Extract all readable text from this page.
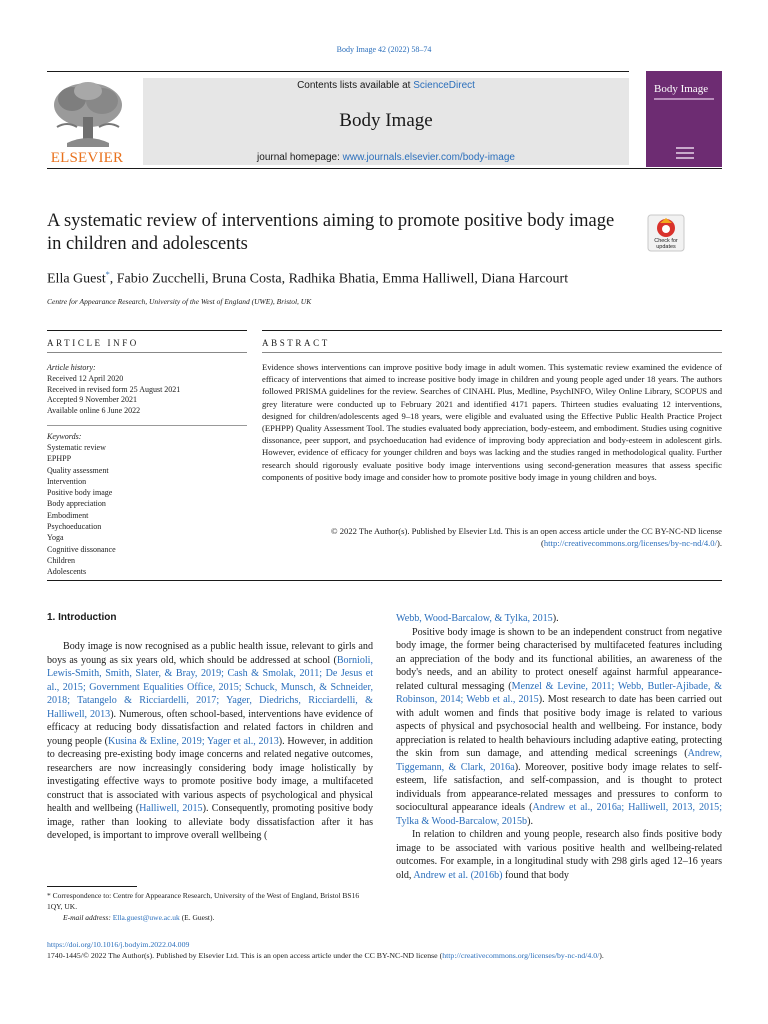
Body Image 42 (2022) 58–74
ELSEVIER
Contents lists available at ScienceDirect
Body Image
journal homepage: www.journals.elsevier.com/body-image
Body Image
A systematic review of interventions aiming to promote positive body image in children and adolescents	Check for updates
Ella Guest*, Fabio Zucchelli, Bruna Costa, Radhika Bhatia, Emma Halliwell, Diana Harcourt
Centre for Appearance Research, University of the West of England (UWE), Bristol, UK
ARTICLE INFO	ABSTRACT
Article history:
Received 12 April 2020
Received in revised form 25 August 2021
Accepted 9 November 2021
Available online 6 June 2022
Keywords:
Systematic review
EPHPP
Quality assessment
Intervention
Positive body image
Body appreciation
Embodiment
Psychoeducation
Yoga
Cognitive dissonance
Children
Adolescents
Evidence shows interventions can improve positive body image in adult women. This systematic review examined the evidence of efficacy of interventions that aimed to increase positive body image in children and young people aged under 18 years. The authors followed PRISMA guidelines for the review. Searches of CINAHL Plus, Medline, PsychINFO, Wiley Online Library, SCOPUS and grey literature were conducted up to February 2021 and identified 4171 papers. Thirteen studies evaluating 12 interventions, designed for children/adolescents aged 9–18 years, were eligible and evaluated using the Effective Public Health Practice Project (EPHPP) Quality Assessment Tool. The studies evaluated body appreciation, body-esteem, and embodiment. Studies using cognitive dissonance, peer support, and psychoeducation had evidence of improving body appreciation and body-esteem in adolescent girls. However, evidence of efficacy for younger children and boys was lacking and the studies ranged in methodological quality. Further research should rigorously evaluate positive body image interventions using second-generation measures that assess specific components of positive body image and consider how to promote positive body image in young children and boys.
© 2022 The Author(s). Published by Elsevier Ltd. This is an open access article under the CC BY-NC-ND license (http://creativecommons.org/licenses/by-nc-nd/4.0/).
1. Introduction

Body image is now recognised as a public health issue, relevant to girls and boys as young as six years old, which should be addressed at school (Bornioli, Lewis-Smith, Smith, Slater, & Bray, 2019; Cash & Smolak, 2011; De Jesus et al., 2015; Government Equalities Office, 2015; Schuck, Munsch, & Schneider, 2018; Tatangelo & Ricciardelli, 2017; Yager, Diedrichs, Ricciardelli, & Halliwell, 2013). Numerous, often school-based, interventions have evidence of efficacy at reducing body dissatisfaction and related factors in children and young people (Kusina & Exline, 2019; Yager et al., 2013). However, in addition to decreasing pre-existing body image concerns and related negative outcomes, researchers are now increasingly considering body image holistically by investigating effective ways to promote positive body image, a multifaceted construct that is associated with various aspects of psychological and physical health and wellbeing (Halliwell, 2015). Consequently, promoting positive body image, rather than looking to alleviate body dissatisfaction after it has developed, is important to improve overall wellbeing (

Webb, Wood-Barcalow, & Tylka, 2015).

Positive body image is shown to be an independent construct from negative body image, the former being characterised by multifaceted features including an appreciation of the body and its functional abilities, an awareness of the body's needs, and an ability to protect oneself against harmful appearance-related cultural messaging (Menzel & Levine, 2011; Webb, Butler-Ajibade, & Robinson, 2014; Webb et al., 2015). Most research to date has been carried out with adult women and finds that positive body image is related to various aspects of physical and psychosocial health and wellbeing. For instance, body appreciation is related to health behaviours including adaptive eating, protecting the skin from sun damage, and attending medical screenings (Andrew, Tiggemann, & Clark, 2016a). Moreover, positive body image relates to self-esteem, life satisfaction, and self-compassion, and is thought to protect individuals from appearance-related messages and pressures to conform to sociocultural appearance ideals (Andrew et al., 2016a; Halliwell, 2013, 2015; Tylka & Wood-Barcalow, 2015b).

In relation to children and young people, research also finds positive body image to be associated with various positive health and wellbeing-related outcomes. For example, in a longitudinal study with 298 girls aged 12–16 years old, Andrew et al. (2016b) found that body

* Correspondence to: Centre for Appearance Research, University of the West of England, Bristol BS16 1QY, UK.
E-mail address: Ella.guest@uwe.ac.uk (E. Guest).
https://doi.org/10.1016/j.bodyim.2022.04.009
1740-1445/© 2022 The Author(s). Published by Elsevier Ltd. This is an open access article under the CC BY-NC-ND license (http://creativecommons.org/licenses/by-nc-nd/4.0/).
